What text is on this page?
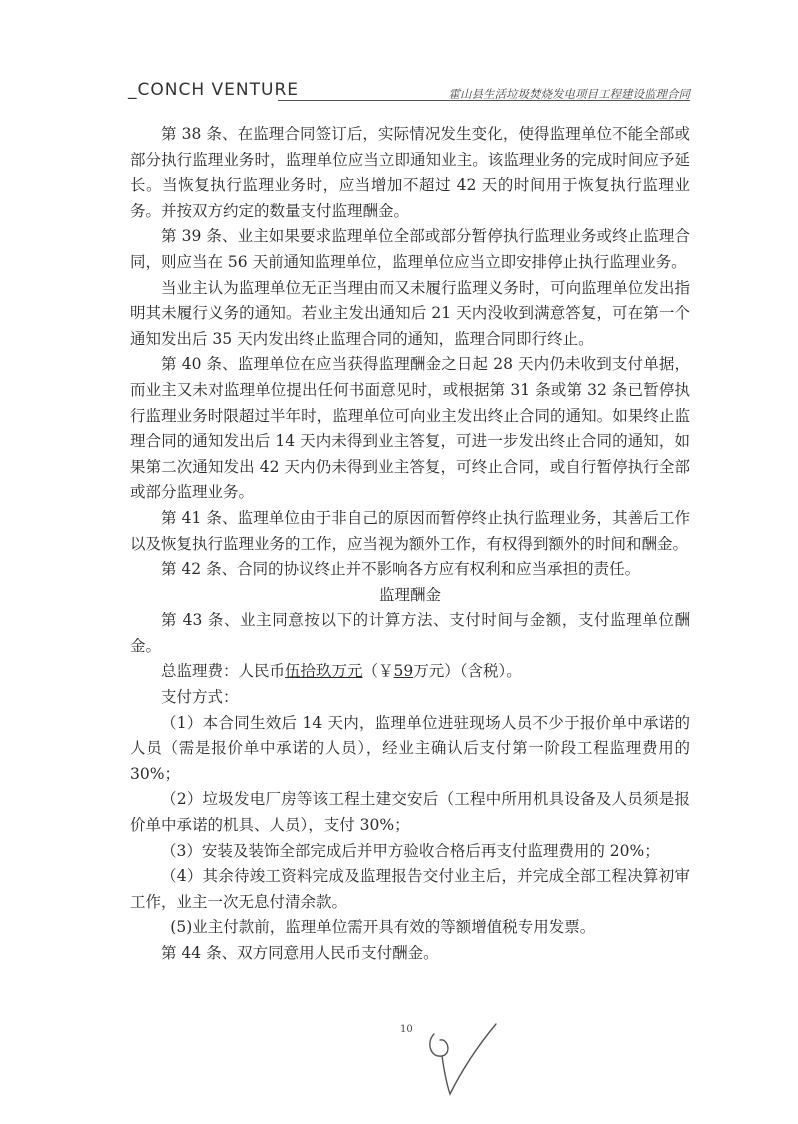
_CONCH VENTURE	霍山县生活垃圾焚烧发电项目工程建设监理合同

第 38 条、在监理合同签订后，实际情况发生变化，使得监理单位不能全部或部分执行监理业务时，监理单位应当立即通知业主。该监理业务的完成时间应予延长。当恢复执行监理业务时，应当增加不超过 42 天的时间用于恢复执行监理业务。并按双方约定的数量支付监理酬金。

第 39 条、业主如果要求监理单位全部或部分暂停执行监理业务或终止监理合同，则应当在 56 天前通知监理单位，监理单位应当立即安排停止执行监理业务。

当业主认为监理单位无正当理由而又未履行监理义务时，可向监理单位发出指明其未履行义务的通知。若业主发出通知后 21 天内没收到满意答复，可在第一个通知发出后 35 天内发出终止监理合同的通知，监理合同即行终止。

第 40 条、监理单位在应当获得监理酬金之日起 28 天内仍未收到支付单据，而业主又未对监理单位提出任何书面意见时，或根据第 31 条或第 32 条已暂停执行监理业务时限超过半年时，监理单位可向业主发出终止合同的通知。如果终止监理合同的通知发出后 14 天内未得到业主答复，可进一步发出终止合同的通知，如果第二次通知发出 42 天内仍未得到业主答复，可终止合同，或自行暂停执行全部或部分监理业务。

第 41 条、监理单位由于非自己的原因而暂停终止执行监理业务，其善后工作以及恢复执行监理业务的工作，应当视为额外工作，有权得到额外的时间和酬金。

第 42 条、合同的协议终止并不影响各方应有权利和应当承担的责任。

监理酬金

第 43 条、业主同意按以下的计算方法、支付时间与金额，支付监理单位酬金。

总监理费：人民币伍拾玖万元（￥59万元）（含税）。

支付方式：

（1）本合同生效后 14 天内，监理单位进驻现场人员不少于报价单中承诺的人员（需是报价单中承诺的人员），经业主确认后支付第一阶段工程监理费用的 30%；

（2）垃圾发电厂房等该工程土建交安后（工程中所用机具设备及人员须是报价单中承诺的机具、人员），支付 30%；

（3）安装及装饰全部完成后并甲方验收合格后再支付监理费用的 20%；

（4）其余待竣工资料完成及监理报告交付业主后，并完成全部工程决算初审工作，业主一次无息付清余款。

(5)业主付款前，监理单位需开具有效的等额增值税专用发票。

第 44 条、双方同意用人民币支付酬金。

10
